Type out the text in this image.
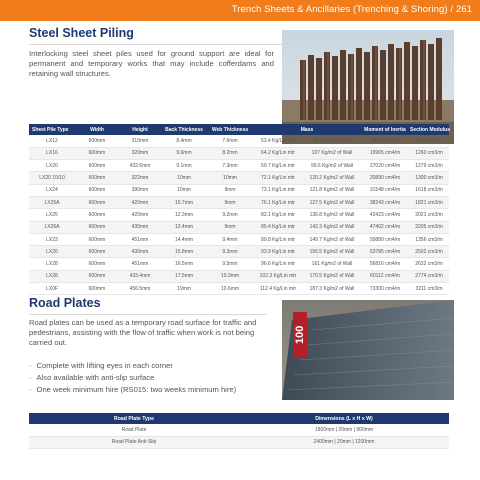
Trench Sheets & Ancillaries (Trenching & Shoring) / 261
Steel Sheet Piling

Interlocking steel sheet piles used for ground support are ideal for permanent and temporary works that may include cofferdams and retaining wall structures.

Sheet Pile Type	Width	Height	Back Thickness	Web Thickness	Mass		Moment of Inertia	Section Modulus
LX12	600mm	310mm	8.4mm	7.6mm	53.4 Kg/Lin mtr	89 Kg/m2 of Wall	13046 cm4/m	842 cm3/m
LX16	600mm	320mm	9.6mm	8.2mm	64.2 Kg/Lin mtr	107 Kg/m2 of Wall	19965 cm4/m	1260 cm3/m
LX20	600mm	432.6mm	9.1mm	7.3mm	59.7 Kg/Lin mtr	99.6 Kg/m2 of Wall	27020 cm4/m	1279 cm3/m
LX20 10/10	600mm	322mm	10mm	10mm	72.1 Kg/Lin mtr	120.2 Kg/m2 of Wall	20890 cm4/m	1300 cm3/m
LX24	600mm	390mm	10mm	9mm	73.1 Kg/Lin mtr	121.8 Kg/m2 of Wall	31548 cm4/m	1618 cm3/m
LX25A	600mm	420mm	10.7mm	9mm	76.1 Kg/Lin mtr	127.5 Kg/m2 of Wall	38243 cm4/m	1821 cm3/m
LX25	600mm	420mm	12.3mm	9.2mm	82.1 Kg/Lin mtr	136.8 Kg/m2 of Wall	42423 cm4/m	2021 cm3/m
LX26A	600mm	430mm	13.4mm	9mm	85.4 Kg/Lin mtr	142.3 Kg/m2 of Wall	47402 cm4/m	2205 cm3/m
LX23	600mm	451mm	14.4mm	9.4mm	89.8 Kg/Lin mtr	149.7 Kg/m2 of Wall	50880 cm4/m	1356 cm3/m
LX26	600mm	430mm	15.8mm	9.3mm	93.9 Kg/Lin mtr	156.5 Kg/m2 of Wall	53785 cm4/m	2502 cm3/m
LX28	600mm	451mm	16.5mm	9.5mm	96.6 Kg/Lin mtr	161 Kg/m2 of Wall	56816 cm4/m	2632 cm3/m
LX28	600mm	433.4mm	17.5mm	10.3mm	102.3 Kg/Lin mtr	170.5 Kg/m2 of Wall	60112 cm4/m	2774 cm3/m
LX0F	600mm	456.5mm	19mm	10.6mm	112.4 Kg/Lin mtr	187.3 Kg/m2 of Wall	73300 cm4/m	3211 cm3/m
Road Plates

Road plates can be used as a temporary road surface for traffic and pedestrians, assisting with the flow of traffic when work is not being carried out.

· Complete with lifting eyes in each corner
· Also available with anti-slip surface
· One week minimum hire (RS015: two weeks minimum hire)
100
Road Plate Type	Dimensions (L x H x W)
Road Plate	1800mm | 20mm | 900mm
Road Plate Anti-Slip	2400mm | 20mm | 1200mm
